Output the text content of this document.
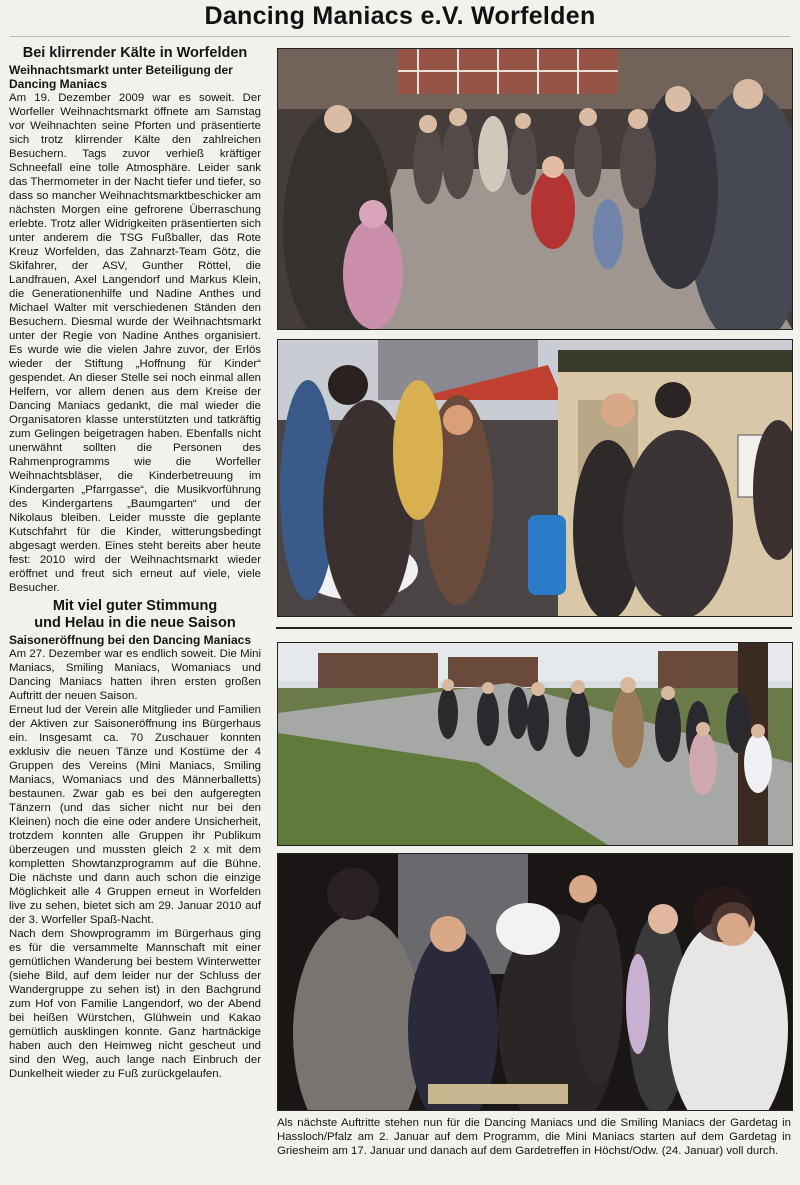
Dancing Maniacs e.V. Worfelden
Bei klirrender Kälte in Worfelden
Weihnachtsmarkt unter Beteiligung der Dancing Maniacs

Am 19. Dezember 2009 war es soweit. Der Worfeller Weihnachtsmarkt öffnete am Samstag vor Weihnachten seine Pforten und präsentierte sich trotz klirrender Kälte den zahlreichen Besuchern. Tags zuvor verhieß kräftiger Schneefall eine tolle Atmosphäre. Leider sank das Thermometer in der Nacht tiefer und tiefer, so dass so mancher Weihnachtsmarktbeschicker am nächsten Morgen eine gefrorene Überraschung erlebte. Trotz aller Widrigkeiten präsentierten sich unter anderem die TSG Fußballer, das Rote Kreuz Worfelden, das Zahnarzt-Team Götz, die Skifahrer, der ASV, Gunther Röttel, die Landfrauen, Axel Langendorf und Markus Klein, die Generationenhilfe und Nadine Anthes und Michael Walter mit verschiedenen Ständen den Besuchern. Diesmal wurde der Weihnachtsmarkt unter der Regie von Nadine Anthes organisiert. Es wurde wie die vielen Jahre zuvor, der Erlös wieder der Stiftung „Hoffnung für Kinder“ gespendet. An dieser Stelle sei noch einmal allen Helfern, vor allem denen aus dem Kreise der Dancing Maniacs gedankt, die mal wieder die Organisatoren klasse unterstützten und tatkräftig zum Gelingen beigetragen haben. Ebenfalls nicht unerwähnt sollten die Personen des Rahmenprogramms wie die Worfeller Weihnachtsbläser, die Kinderbetreuung im Kindergarten „Pfarrgasse“, die Musikvorführung des Kindergartens „Baumgarten“ und der Nikolaus bleiben. Leider musste die geplante Kutschfahrt für die Kinder, witterungsbedingt abgesagt werden. Eines steht bereits aber heute fest: 2010 wird der Weihnachtsmarkt wieder eröffnet und freut sich erneut auf viele, viele Besucher.

Mit viel guter Stimmung
und Helau in die neue Saison
Saisoneröffnung bei den Dancing Maniacs

Am 27. Dezember war es endlich soweit. Die Mini Maniacs, Smiling Maniacs, Womaniacs und Dancing Maniacs hatten ihren ersten großen Auftritt der neuen Saison.

Erneut lud der Verein alle Mitglieder und Familien der Aktiven zur Saisoneröffnung ins Bürgerhaus ein. Insgesamt ca. 70 Zuschauer konnten exklusiv die neuen Tänze und Kostüme der 4 Gruppen des Vereins (Mini Maniacs, Smiling Maniacs, Womaniacs und des Männerballetts) bestaunen. Zwar gab es bei den aufgeregten Tänzern (und das sicher nicht nur bei den Kleinen) noch die eine oder andere Unsicherheit, trotzdem konnten alle Gruppen ihr Publikum überzeugen und mussten gleich 2 x mit dem kompletten Showtanzprogramm auf die Bühne. Die nächste und dann auch schon die einzige Möglichkeit alle 4 Gruppen erneut in Worfelden live zu sehen, bietet sich am 29. Januar 2010 auf der 3. Worfeller Spaß-Nacht.

Nach dem Showprogramm im Bürgerhaus ging es für die versammelte Mannschaft mit einer gemütlichen Wanderung bei bestem Winterwetter (siehe Bild, auf dem leider nur der Schluss der Wandergruppe zu sehen ist) in den Bachgrund zum Hof von Familie Langendorf, wo der Abend bei heißen Würstchen, Glühwein und Kakao gemütlich ausklingen konnte. Ganz hartnäckige haben auch den Heimweg nicht gescheut und sind den Weg, auch lange nach Einbruch der Dunkelheit wieder zu Fuß zurückgelaufen.

Als nächste Auftritte stehen nun für die Dancing Maniacs und die Smiling Maniacs der Gardetag in Hassloch/Pfalz am 2. Januar auf dem Programm, die Mini Maniacs starten auf dem Gardetag in Griesheim am 17. Januar und danach auf dem Gardetreffen in Höchst/Odw. (24. Januar) voll durch.
